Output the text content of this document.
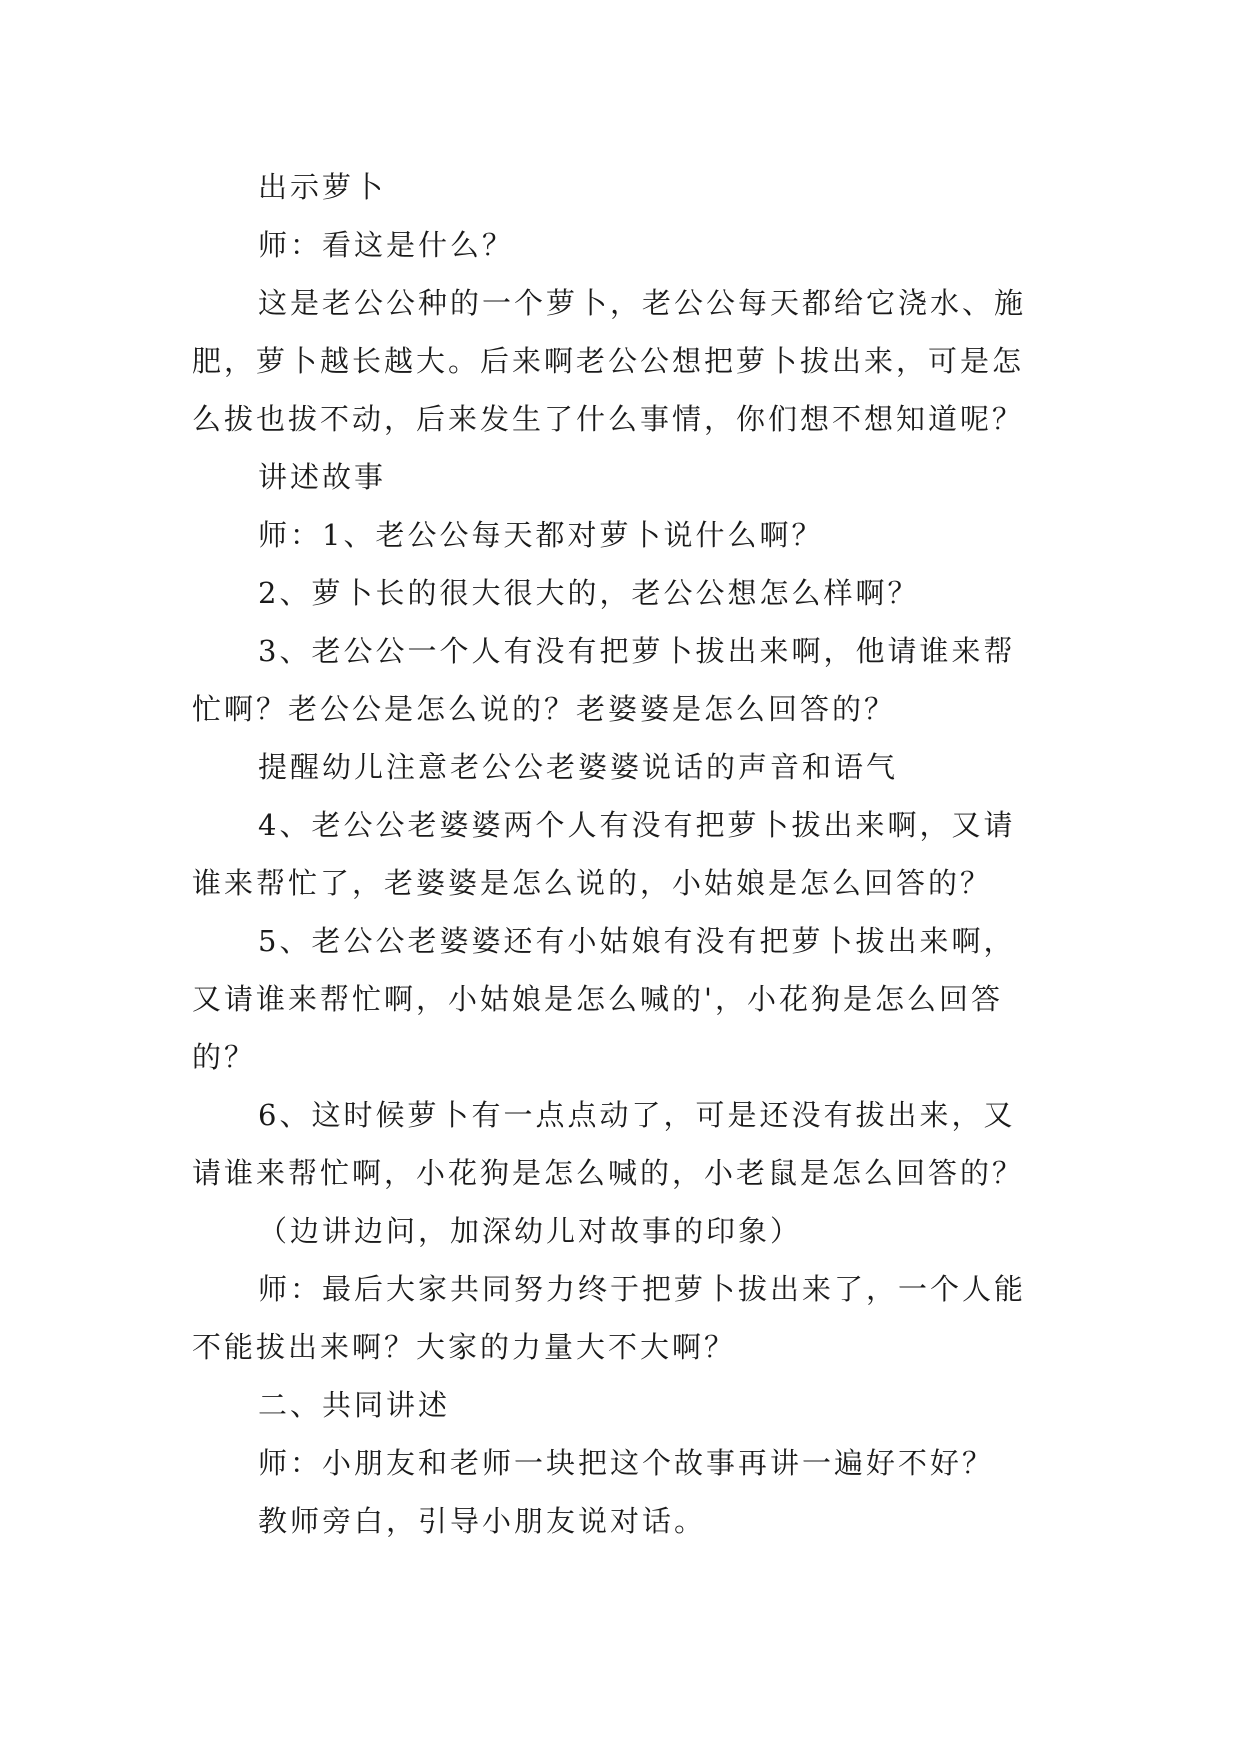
出示萝卜

师：看这是什么？

这是老公公种的一个萝卜，老公公每天都给它浇水、施肥，萝卜越长越大。后来啊老公公想把萝卜拔出来，可是怎么拔也拔不动，后来发生了什么事情，你们想不想知道呢？

讲述故事

师：1、老公公每天都对萝卜说什么啊？

2、萝卜长的很大很大的，老公公想怎么样啊？

3、老公公一个人有没有把萝卜拔出来啊，他请谁来帮忙啊？老公公是怎么说的？老婆婆是怎么回答的？

提醒幼儿注意老公公老婆婆说话的声音和语气

4、老公公老婆婆两个人有没有把萝卜拔出来啊，又请谁来帮忙了，老婆婆是怎么说的，小姑娘是怎么回答的？

5、老公公老婆婆还有小姑娘有没有把萝卜拔出来啊，又请谁来帮忙啊，小姑娘是怎么喊的'，小花狗是怎么回答的？

6、这时候萝卜有一点点动了，可是还没有拔出来，又请谁来帮忙啊，小花狗是怎么喊的，小老鼠是怎么回答的？

（边讲边问，加深幼儿对故事的印象）

师：最后大家共同努力终于把萝卜拔出来了，一个人能不能拔出来啊？大家的力量大不大啊？

二、共同讲述

师：小朋友和老师一块把这个故事再讲一遍好不好？

教师旁白，引导小朋友说对话。
